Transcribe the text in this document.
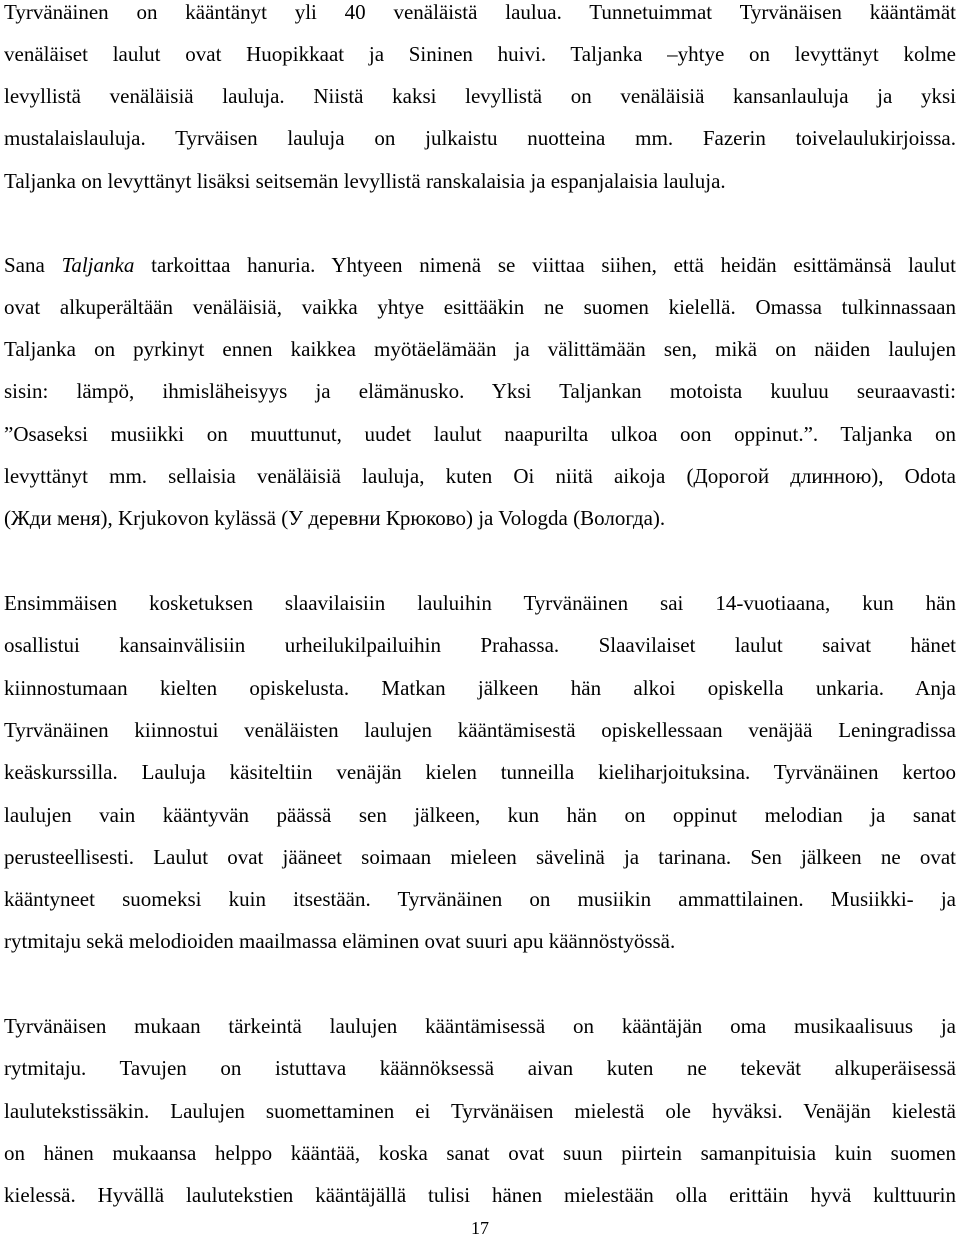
Tyrvänäinen on kääntänyt yli 40 venäläistä laulua. Tunnetuimmat Tyrvänäisen kääntämät
venäläiset laulut ovat Huopikkaat ja Sininen huivi. Taljanka –yhtye on levyttänyt kolme
levyllistä venäläisiä lauluja. Niistä kaksi levyllistä on venäläisiä kansanlauluja ja yksi
mustalaislauluja. Tyrväisen lauluja on julkaistu nuotteina mm. Fazerin toivelaulukirjoissa.
Taljanka on levyttänyt lisäksi seitsemän levyllistä ranskalaisia ja espanjalaisia lauluja.
Sana Taljanka tarkoittaa hanuria. Yhtyeen nimenä se viittaa siihen, että heidän esittämänsä laulut
ovat alkuperältään venäläisiä, vaikka yhtye esittääkin ne suomen kielellä. Omassa tulkinnassaan
Taljanka on pyrkinyt ennen kaikkea myötäelämään ja välittämään sen, mikä on näiden laulujen
sisin: lämpö, ihmisläheisyys ja elämänusko. Yksi Taljankan motoista kuuluu seuraavasti:
”Osaseksi musiikki on muuttunut, uudet laulut naapurilta ulkoa oon oppinut.”. Taljanka on
levyttänyt mm. sellaisia venäläisiä lauluja, kuten Oi niitä aikoja (Дорогой длинною), Odota
(Жди меня), Krjukovon kylässä (У деревни Крюково) ja Vologda (Вологда).
Ensimmäisen kosketuksen slaavilaisiin lauluihin Tyrvänäinen sai 14-vuotiaana, kun hän
osallistui kansainvälisiin urheilukilpailuihin Prahassa. Slaavilaiset laulut saivat hänet
kiinnostumaan kielten opiskelusta. Matkan jälkeen hän alkoi opiskella unkaria. Anja
Tyrvänäinen kiinnostui venäläisten laulujen kääntämisestä opiskellessaan venäjää Leningradissa
keäskurssilla. Lauluja käsiteltiin venäjän kielen tunneilla kieliharjoituksina. Tyrvänäinen kertoo
laulujen vain kääntyvän päässä sen jälkeen, kun hän on oppinut melodian ja sanat
perusteellisesti. Laulut ovat jääneet soimaan mieleen sävelinä ja tarinana. Sen jälkeen ne ovat
kääntyneet suomeksi kuin itsestään. Tyrvänäinen on musiikin ammattilainen. Musiikki- ja
rytmitaju sekä melodioiden maailmassa eläminen ovat suuri apu käännöstyössä.
Tyrvänäisen mukaan tärkeintä laulujen kääntämisessä on kääntäjän oma musikaalisuus ja
rytmitaju. Tavujen on istuttava käännöksessä aivan kuten ne tekevät alkuperäisessä
laulutekstissäkin. Laulujen suomettaminen ei Tyrvänäisen mielestä ole hyväksi. Venäjän kielestä
on hänen mukaansa helppo kääntää, koska sanat ovat suun piirtein samanpituisia kuin suomen
kielessä. Hyvällä laulutekstien kääntäjällä tulisi hänen mielestään olla erittäin hyvä kulttuurin
17
